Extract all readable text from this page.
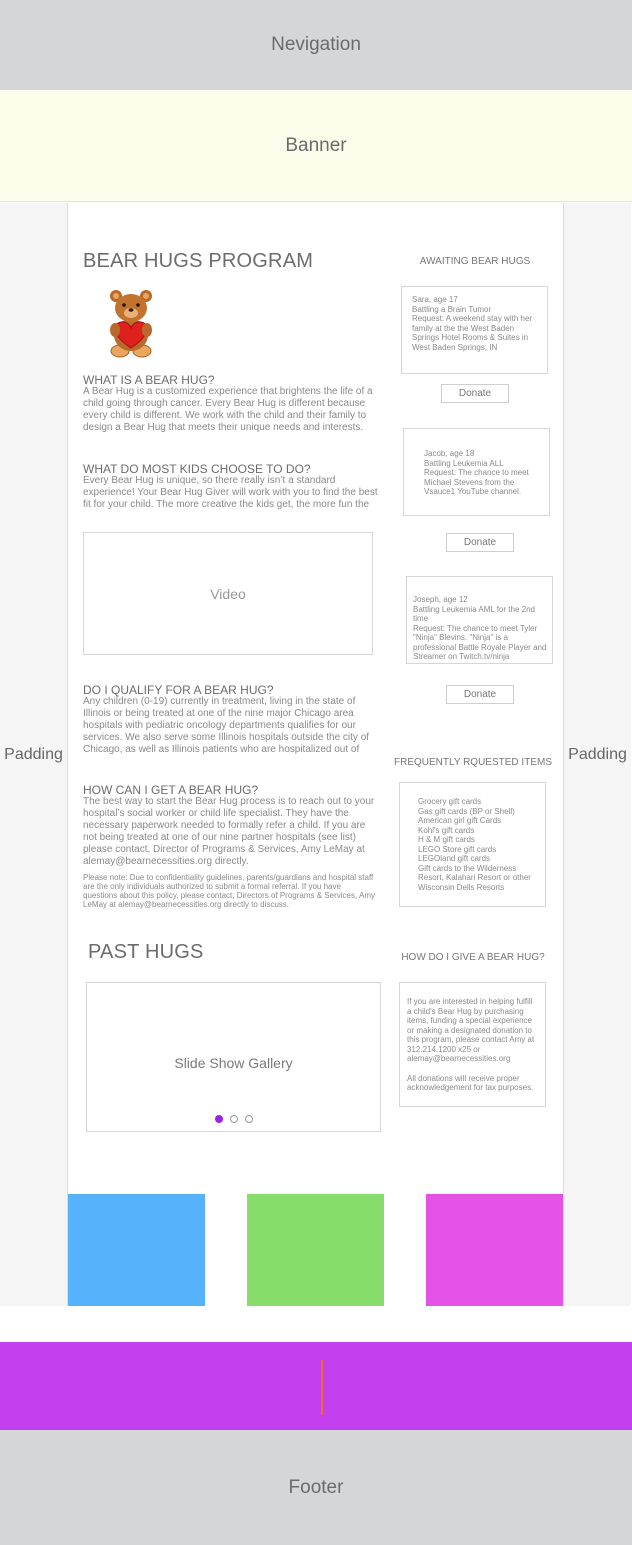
Nevigation
Banner
Padding	Padding
BEAR HUGS PROGRAM
WHAT IS A BEAR HUG?
A Bear Hug is a customized experience that brightens the life of a child going through cancer. Every Bear Hug is different because every child is different. We work with the child and their family to design a Bear Hug that meets their unique needs and interests.
WHAT DO MOST KIDS CHOOSE TO DO?
Every Bear Hug is unique, so there really isn’t a standard experience! Your Bear Hug Giver will work with you to find the best fit for your child. The more creative the kids get, the more fun the
Video
DO I QUALIFY FOR A BEAR HUG?
Any children (0-19) currently in treatment, living in the state of Illinois or being treated at one of the nine major Chicago area hospitals with pediatric oncology departments qualifies for our services. We also serve some Illinois hospitals outside the city of Chicago, as well as Illinois patients who are hospitalized out of
HOW CAN I GET A BEAR HUG?
The best way to start the Bear Hug process is to reach out to your hospital’s social worker or child life specialist. They have the necessary paperwork needed to formally refer a child. If you are not being treated at one of our nine partner hospitals (see list) please contact, Director of Programs & Services, Amy LeMay at alemay@bearnecessities.org directly.
Please note: Due to confidentiality guidelines, parents/guardians and hospital staff are the only individuals authorized to submit a formal referral. If you have questions about this policy, please contact, Directors of Programs & Services, Amy LeMay at alemay@bearnecessities.org directly to discuss.
PAST HUGS
Slide Show Gallery
AWAITING BEAR HUGS
Sara, age 17
Battling a Brain Tumor
Request: A weekend stay with her family at the the West Baden Springs Hotel Rooms & Suites in West Baden Springs, IN
Donate
Jacob, age 18
Battling Leukemia ALL
Request: The chance to meet Michael Stevens from the Vsauce1 YouTube channel.
Donate
Joseph, age 12
Battling Leukemia AML for the 2nd time
Request: The chance to meet Tyler "Ninja" Blevins. "Ninja" is a professional Battle Royale Player and Streamer on Twitch.tv/ninja
Donate
FREQUENTLY RQUESTED ITEMS
Grocery gift cards
Gas gift cards (BP or Shell)
American girl gift Cards
Kohl's gift cards
H & M gift cards
LEGO Store gift cards
LEGOland gift cards
Gift cards to the Wilderness Resort, Kalahari Resort or other Wisconsin Dells Resorts
HOW DO I GIVE A BEAR HUG?
If you are interested in helping fulfill a child's Bear Hug by purchasing items, funding a special experience or making a designated donation to this program, please contact Amy at 312.214.1200 x25 or alemay@bearnecessities.org
All donations will receive proper acknowledgement for tax purposes.
Footer
